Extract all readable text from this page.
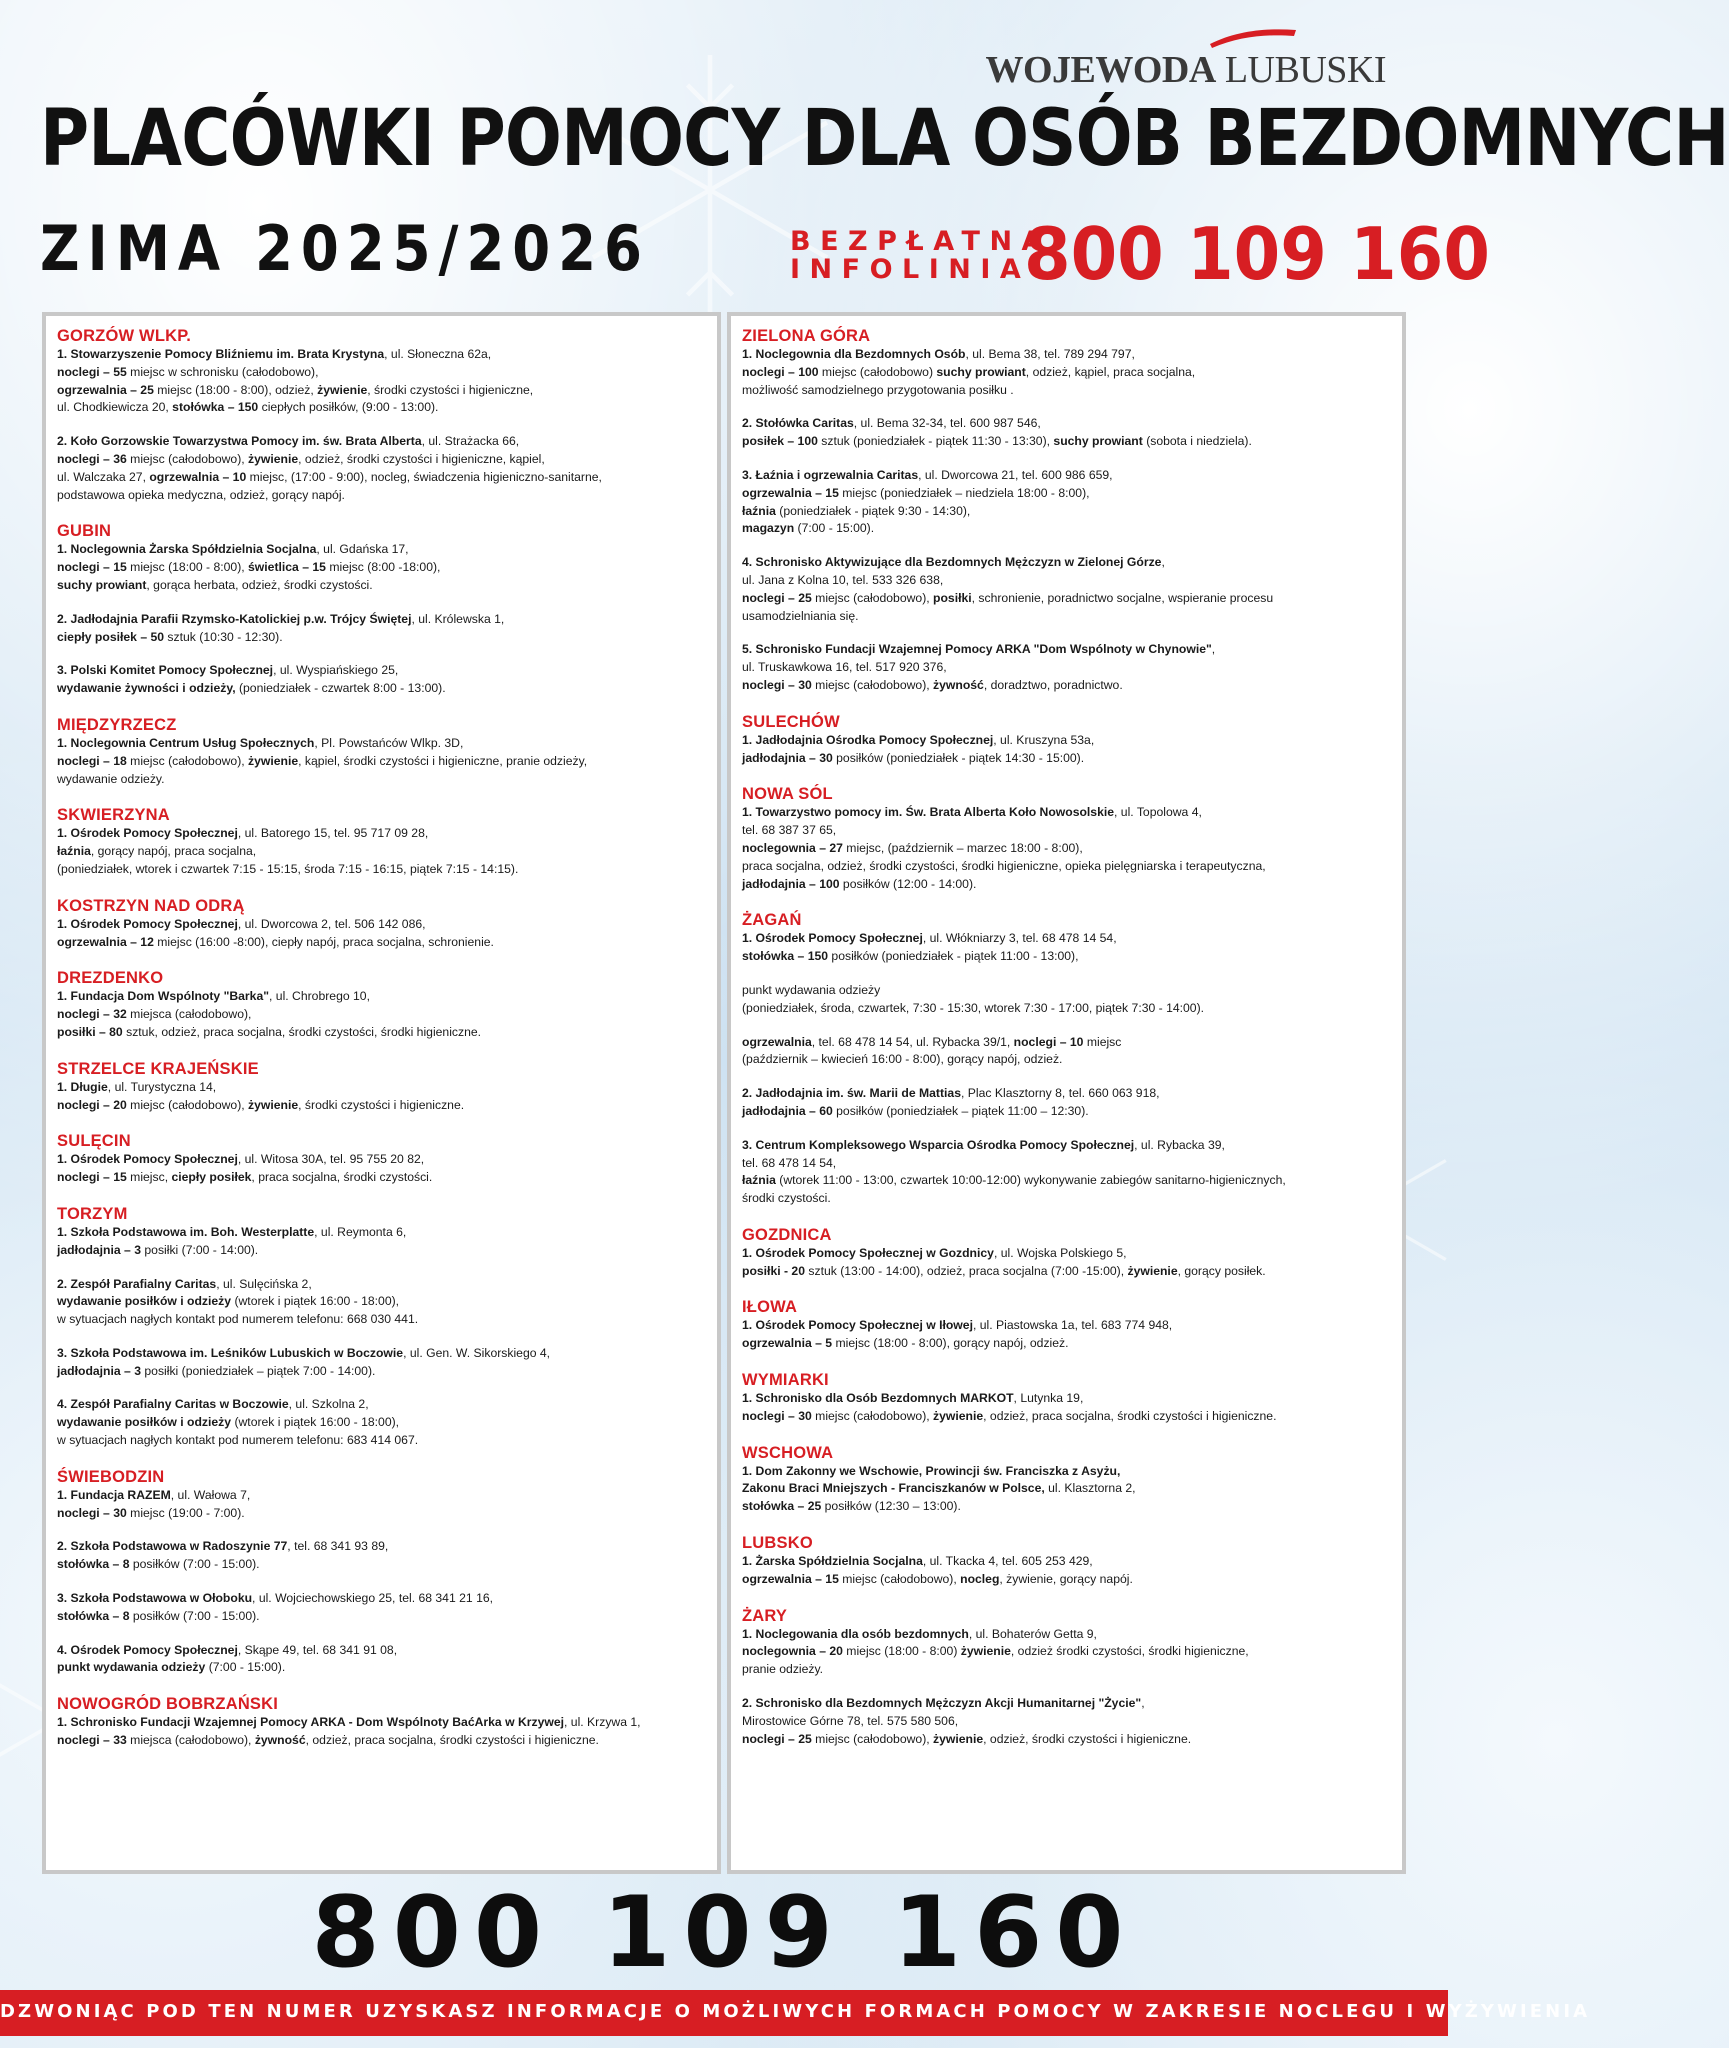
WOJEWODA LUBUSKI
PLACÓWKI POMOCY DLA OSÓB BEZDOMNYCH
ZIMA 2025/2026	BEZPŁATNA
INFOLINIA
800 109 160
GORZÓW WLKP.

1. Stowarzyszenie Pomocy Bliźniemu im. Brata Krystyna, ul. Słoneczna 62a,

noclegi – 55 miejsc w schronisku (całodobowo),

ogrzewalnia – 25 miejsc (18:00 - 8:00), odzież, żywienie, środki czystości i higieniczne,

ul. Chodkiewicza 20, stołówka – 150 ciepłych posiłków, (9:00 - 13:00).

2. Koło Gorzowskie Towarzystwa Pomocy im. św. Brata Alberta, ul. Strażacka 66,

noclegi – 36 miejsc (całodobowo), żywienie, odzież, środki czystości i higieniczne, kąpiel,

ul. Walczaka 27, ogrzewalnia – 10 miejsc, (17:00 - 9:00), nocleg, świadczenia higieniczno-sanitarne,

podstawowa opieka medyczna, odzież, gorący napój.

GUBIN

1. Noclegownia Żarska Spółdzielnia Socjalna, ul. Gdańska 17,

noclegi – 15 miejsc (18:00 - 8:00), świetlica – 15 miejsc (8:00 -18:00),

suchy prowiant, gorąca herbata, odzież, środki czystości.

2. Jadłodajnia Parafii Rzymsko-Katolickiej p.w. Trójcy Świętej, ul. Królewska 1,

ciepły posiłek – 50 sztuk (10:30 - 12:30).

3. Polski Komitet Pomocy Społecznej, ul. Wyspiańskiego 25,

wydawanie żywności i odzieży, (poniedziałek - czwartek 8:00 - 13:00).

MIĘDZYRZECZ

1. Noclegownia Centrum Usług Społecznych, Pl. Powstańców Wlkp. 3D,

noclegi – 18 miejsc (całodobowo), żywienie, kąpiel, środki czystości i higieniczne, pranie odzieży,

wydawanie odzieży.

SKWIERZYNA

1. Ośrodek Pomocy Społecznej, ul. Batorego 15, tel. 95 717 09 28,

łaźnia, gorący napój, praca socjalna,

(poniedziałek, wtorek i czwartek 7:15 - 15:15, środa 7:15 - 16:15, piątek 7:15 - 14:15).

KOSTRZYN NAD ODRĄ

1. Ośrodek Pomocy Społecznej, ul. Dworcowa 2, tel. 506 142 086,

ogrzewalnia – 12 miejsc (16:00 -8:00), ciepły napój, praca socjalna, schronienie.

DREZDENKO

1. Fundacja Dom Wspólnoty "Barka", ul. Chrobrego 10,

noclegi – 32 miejsca (całodobowo),

posiłki – 80 sztuk, odzież, praca socjalna, środki czystości, środki higieniczne.

STRZELCE KRAJEŃSKIE

1. Długie, ul. Turystyczna 14,

noclegi – 20 miejsc (całodobowo), żywienie, środki czystości i higieniczne.

SULĘCIN

1. Ośrodek Pomocy Społecznej, ul. Witosa 30A, tel. 95 755 20 82,

noclegi – 15 miejsc, ciepły posiłek, praca socjalna, środki czystości.

TORZYM

1. Szkoła Podstawowa im. Boh. Westerplatte, ul. Reymonta 6,

jadłodajnia – 3 posiłki (7:00 - 14:00).

2. Zespół Parafialny Caritas, ul. Sulęcińska 2,

wydawanie posiłków i odzieży (wtorek i piątek 16:00 - 18:00),

w sytuacjach nagłych kontakt pod numerem telefonu: 668 030 441.

3. Szkoła Podstawowa im. Leśników Lubuskich w Boczowie, ul. Gen. W. Sikorskiego 4,

jadłodajnia – 3 posiłki (poniedziałek – piątek 7:00 - 14:00).

4. Zespół Parafialny Caritas w Boczowie, ul. Szkolna 2,

wydawanie posiłków i odzieży (wtorek i piątek 16:00 - 18:00),

w sytuacjach nagłych kontakt pod numerem telefonu: 683 414 067.

ŚWIEBODZIN

1. Fundacja RAZEM, ul. Wałowa 7,

noclegi – 30 miejsc (19:00 - 7:00).

2. Szkoła Podstawowa w Radoszynie 77, tel. 68 341 93 89,

stołówka – 8 posiłków (7:00 - 15:00).

3. Szkoła Podstawowa w Ołoboku, ul. Wojciechowskiego 25, tel. 68 341 21 16,

stołówka – 8 posiłków (7:00 - 15:00).

4. Ośrodek Pomocy Społecznej, Skąpe 49, tel. 68 341 91 08,

punkt wydawania odzieży (7:00 - 15:00).

NOWOGRÓD BOBRZAŃSKI

1. Schronisko Fundacji Wzajemnej Pomocy ARKA - Dom Wspólnoty BaćArka w Krzywej, ul. Krzywa 1,

noclegi – 33 miejsca (całodobowo), żywność, odzież, praca socjalna, środki czystości i higieniczne.

ZIELONA GÓRA

1. Noclegownia dla Bezdomnych Osób, ul. Bema 38, tel. 789 294 797,

noclegi – 100 miejsc (całodobowo) suchy prowiant, odzież, kąpiel, praca socjalna,

możliwość samodzielnego przygotowania posiłku .

2. Stołówka Caritas, ul. Bema 32-34, tel. 600 987 546,

posiłek – 100 sztuk (poniedziałek - piątek 11:30 - 13:30), suchy prowiant (sobota i niedziela).

3. Łaźnia i ogrzewalnia Caritas, ul. Dworcowa 21, tel. 600 986 659,

ogrzewalnia – 15 miejsc (poniedziałek – niedziela 18:00 - 8:00),

łaźnia (poniedziałek - piątek 9:30 - 14:30),

magazyn (7:00 - 15:00).

4. Schronisko Aktywizujące dla Bezdomnych Mężczyzn w Zielonej Górze,

ul. Jana z Kolna 10, tel. 533 326 638,

noclegi – 25 miejsc (całodobowo), posiłki, schronienie, poradnictwo socjalne, wspieranie procesu

usamodzielniania się.

5. Schronisko Fundacji Wzajemnej Pomocy ARKA "Dom Wspólnoty w Chynowie",

ul. Truskawkowa 16, tel. 517 920 376,

noclegi – 30 miejsc (całodobowo), żywność, doradztwo, poradnictwo.

SULECHÓW

1. Jadłodajnia Ośrodka Pomocy Społecznej, ul. Kruszyna 53a,

jadłodajnia – 30 posiłków (poniedziałek - piątek 14:30 - 15:00).

NOWA SÓL

1. Towarzystwo pomocy im. Św. Brata Alberta Koło Nowosolskie, ul. Topolowa 4,

tel. 68 387 37 65,

noclegownia – 27 miejsc, (październik – marzec 18:00 - 8:00),

praca socjalna, odzież, środki czystości, środki higieniczne, opieka pielęgniarska i terapeutyczna,

jadłodajnia – 100 posiłków (12:00 - 14:00).

ŻAGAŃ

1. Ośrodek Pomocy Społecznej, ul. Włókniarzy 3, tel. 68 478 14 54,

stołówka – 150 posiłków (poniedziałek - piątek 11:00 - 13:00),

punkt wydawania odzieży

(poniedziałek, środa, czwartek, 7:30 - 15:30, wtorek 7:30 - 17:00, piątek 7:30 - 14:00).

ogrzewalnia, tel. 68 478 14 54, ul. Rybacka 39/1, noclegi – 10 miejsc

(październik – kwiecień 16:00 - 8:00), gorący napój, odzież.

2. Jadłodajnia im. św. Marii de Mattias, Plac Klasztorny 8, tel. 660 063 918,

jadłodajnia – 60 posiłków (poniedziałek – piątek 11:00 – 12:30).

3. Centrum Kompleksowego Wsparcia Ośrodka Pomocy Społecznej, ul. Rybacka 39,

tel. 68 478 14 54,

łaźnia (wtorek 11:00 - 13:00, czwartek 10:00-12:00) wykonywanie zabiegów sanitarno-higienicznych,

środki czystości.

GOZDNICA

1. Ośrodek Pomocy Społecznej w Gozdnicy, ul. Wojska Polskiego 5,

posiłki - 20 sztuk (13:00 - 14:00), odzież, praca socjalna (7:00 -15:00), żywienie, gorący posiłek.

IŁOWA

1. Ośrodek Pomocy Społecznej w Iłowej, ul. Piastowska 1a, tel. 683 774 948,

ogrzewalnia – 5 miejsc (18:00 - 8:00), gorący napój, odzież.

WYMIARKI

1. Schronisko dla Osób Bezdomnych MARKOT, Lutynka 19,

noclegi – 30 miejsc (całodobowo), żywienie, odzież, praca socjalna, środki czystości i higieniczne.

WSCHOWA

1. Dom Zakonny we Wschowie, Prowincji św. Franciszka z Asyżu,

Zakonu Braci Mniejszych - Franciszkanów w Polsce, ul. Klasztorna 2,

stołówka – 25 posiłków (12:30 – 13:00).

LUBSKO

1. Żarska Spółdzielnia Socjalna, ul. Tkacka 4, tel. 605 253 429,

ogrzewalnia – 15 miejsc (całodobowo), nocleg, żywienie, gorący napój.

ŻARY

1. Noclegowania dla osób bezdomnych, ul. Bohaterów Getta 9,

noclegownia – 20 miejsc (18:00 - 8:00) żywienie, odzież środki czystości, środki higieniczne,

pranie odzieży.

2. Schronisko dla Bezdomnych Mężczyzn Akcji Humanitarnej "Życie",

Mirostowice Górne 78, tel. 575 580 506,

noclegi – 25 miejsc (całodobowo), żywienie, odzież, środki czystości i higieniczne.

800 109 160
DZWONIĄC POD TEN NUMER UZYSKASZ INFORMACJE O MOŻLIWYCH FORMACH POMOCY W ZAKRESIE NOCLEGU I WYŻYWIENIA
